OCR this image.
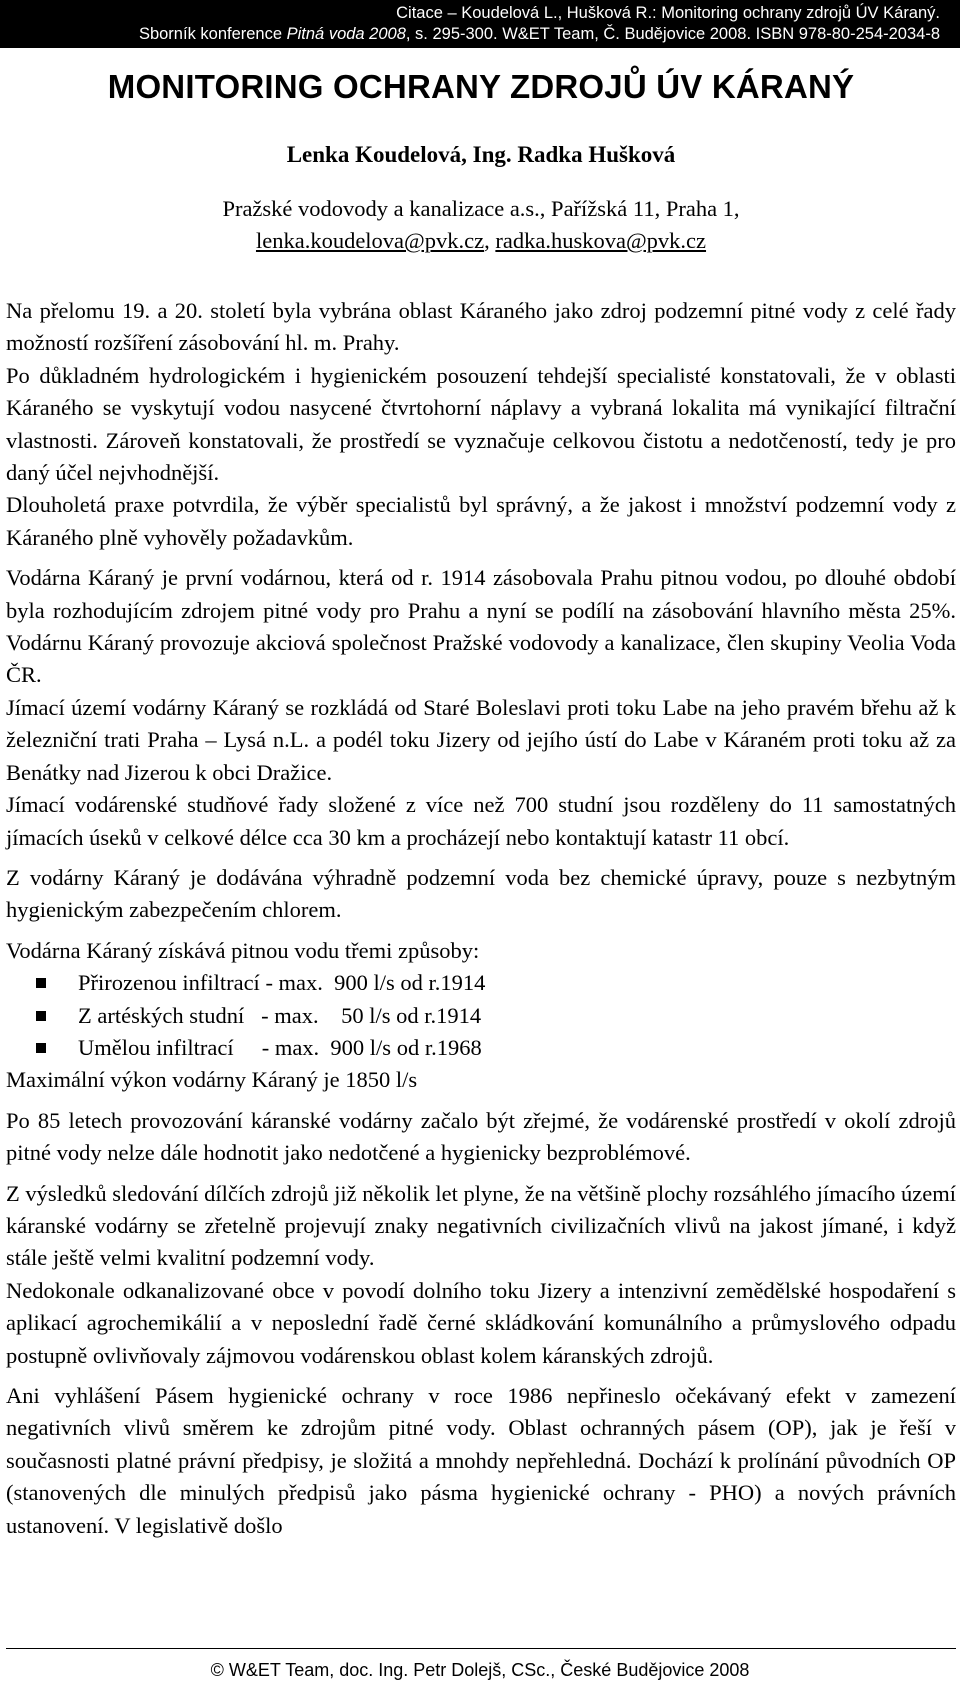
Citace – Koudelová L., Hušková R.: Monitoring ochrany zdrojů ÚV Káraný.
Sborník konference Pitná voda 2008, s. 295-300. W&ET Team, Č. Budějovice 2008. ISBN 978-80-254-2034-8
MONITORING OCHRANY ZDROJŮ ÚV KÁRANÝ
Lenka Koudelová, Ing. Radka Hušková
Pražské vodovody a kanalizace a.s., Pařížská 11, Praha 1,
lenka.koudelova@pvk.cz, radka.huskova@pvk.cz

Na přelomu 19. a 20. století byla vybrána oblast Káraného jako zdroj podzemní pitné vody z celé řady možností rozšíření zásobování hl. m. Prahy.

Po důkladném hydrologickém i hygienickém posouzení tehdejší specialisté konstatovali, že v oblasti Káraného se vyskytují vodou nasycené čtvrtohorní náplavy a vybraná lokalita má vynikající filtrační vlastnosti. Zároveň konstatovali, že prostředí se vyznačuje celkovou čistotu a nedotčeností, tedy je pro daný účel nejvhodnější.

Dlouholetá praxe potvrdila, že výběr specialistů byl správný, a že jakost i množství podzemní vody z Káraného plně vyhověly požadavkům.

Vodárna Káraný je první vodárnou, která od r. 1914 zásobovala Prahu pitnou vodou, po dlouhé období byla rozhodujícím zdrojem pitné vody pro Prahu a nyní se podílí na zásobování hlavního města 25%. Vodárnu Káraný provozuje akciová společnost Pražské vodovody a kanalizace, člen skupiny Veolia Voda ČR.

Jímací území vodárny Káraný se rozkládá od Staré Boleslavi proti toku Labe na jeho pravém břehu až k železniční trati Praha – Lysá n.L. a podél toku Jizery od jejího ústí do Labe v Káraném proti toku až za Benátky nad Jizerou k obci Dražice.

Jímací vodárenské studňové řady složené z více než 700 studní jsou rozděleny do 11 samostatných jímacích úseků v celkové délce cca 30 km a procházejí nebo kontaktují katastr 11 obcí.

Z vodárny Káraný je dodávána výhradně podzemní voda bez chemické úpravy, pouze s nezbytným hygienickým zabezpečením chlorem.

Vodárna Káraný získává pitnou vodu třemi způsoby:

Přirozenou infiltrací - max.  900 l/s od r.1914
Z artéských studní   - max.    50 l/s od r.1914
Umělou infiltrací     - max.  900 l/s od r.1968

Maximální výkon vodárny Káraný je 1850 l/s

Po 85 letech provozování káranské vodárny začalo být zřejmé, že vodárenské prostředí v okolí zdrojů pitné vody nelze dále hodnotit jako nedotčené a hygienicky bezproblémové.

Z výsledků sledování dílčích zdrojů již několik let plyne, že na většině plochy rozsáhlého jímacího území káranské vodárny se zřetelně projevují znaky negativních civilizačních vlivů na jakost jímané, i když stále ještě velmi kvalitní podzemní vody.

Nedokonale odkanalizované obce v povodí dolního toku Jizery a intenzivní zemědělské hospodaření s aplikací agrochemikálií a v neposlední řadě černé skládkování komunálního a průmyslového odpadu postupně ovlivňovaly zájmovou vodárenskou oblast kolem káranských zdrojů.

Ani vyhlášení Pásem hygienické ochrany v roce 1986 nepřineslo očekávaný efekt v zamezení negativních vlivů směrem ke zdrojům pitné vody. Oblast ochranných pásem (OP), jak je řeší v současnosti platné právní předpisy, je složitá a mnohdy nepřehledná. Dochází k prolínání původních OP (stanovených dle minulých předpisů jako pásma hygienické ochrany - PHO) a nových právních ustanovení. V legislativě došlo

© W&ET Team, doc. Ing. Petr Dolejš, CSc., České Budějovice 2008
